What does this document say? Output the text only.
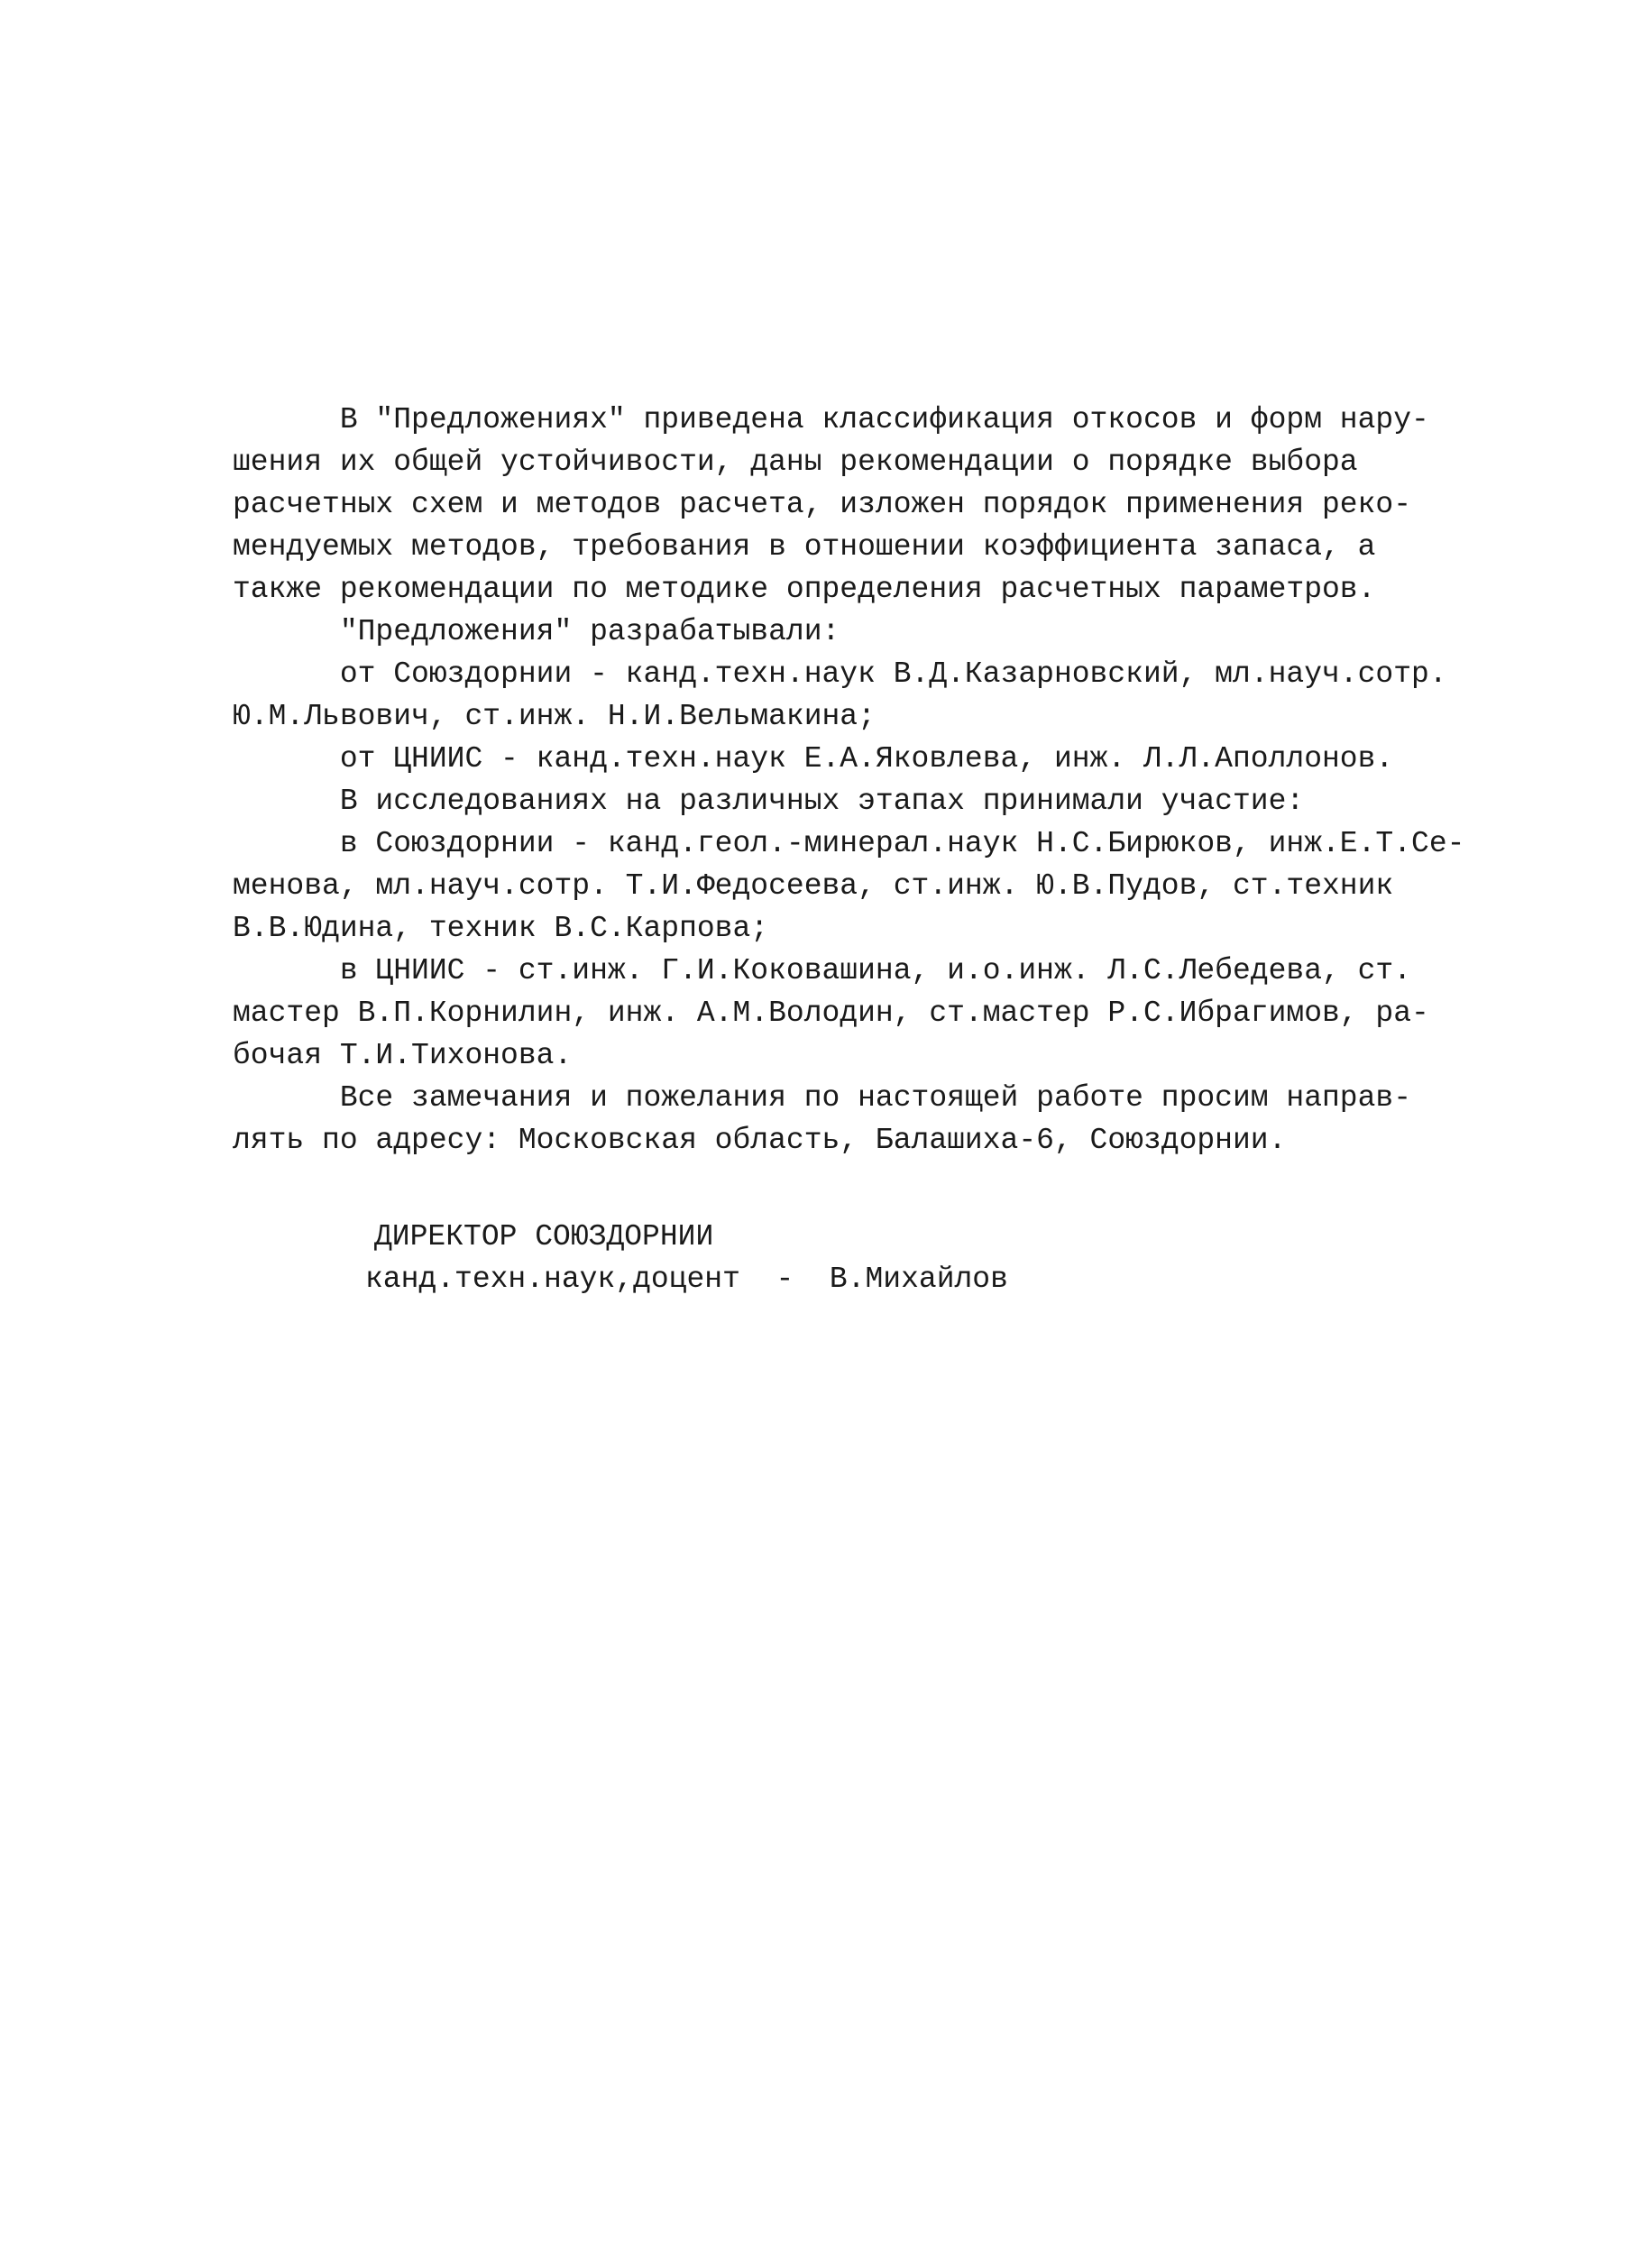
В "Предложениях" приведена классификация откосов и форм нару-
шения их общей устойчивости, даны рекомендации о порядке выбора
расчетных схем и методов расчета, изложен порядок применения реко-
мендуемых методов, требования в отношении коэффициента запаса, а
также рекомендации по методике определения расчетных параметров.
"Предложения" разрабатывали:
от Союздорнии - канд.техн.наук В.Д.Казарновский, мл.науч.сотр.
Ю.М.Львович, ст.инж. Н.И.Вельмакина;
от ЦНИИС - канд.техн.наук Е.А.Яковлева, инж. Л.Л.Аполлонов.
В исследованиях на различных этапах принимали участие:
в Союздорнии - канд.геол.-минерал.наук Н.С.Бирюков, инж.Е.Т.Се-
менова, мл.науч.сотр. Т.И.Федосеева, ст.инж. Ю.В.Пудов, ст.техник
В.В.Юдина, техник В.С.Карпова;
в ЦНИИС - ст.инж. Г.И.Коковашина, и.о.инж. Л.С.Лебедева, ст.
мастер В.П.Корнилин, инж. А.М.Володин, ст.мастер Р.С.Ибрагимов, ра-
бочая Т.И.Тихонова.
Все замечания и пожелания по настоящей работе просим направ-
лять по адресу: Московская область, Балашиха-6, Союздорнии.
ДИРЕКТОР СОЮЗДОРНИИ
канд.техн.наук,доцент  -  В.Михайлов
